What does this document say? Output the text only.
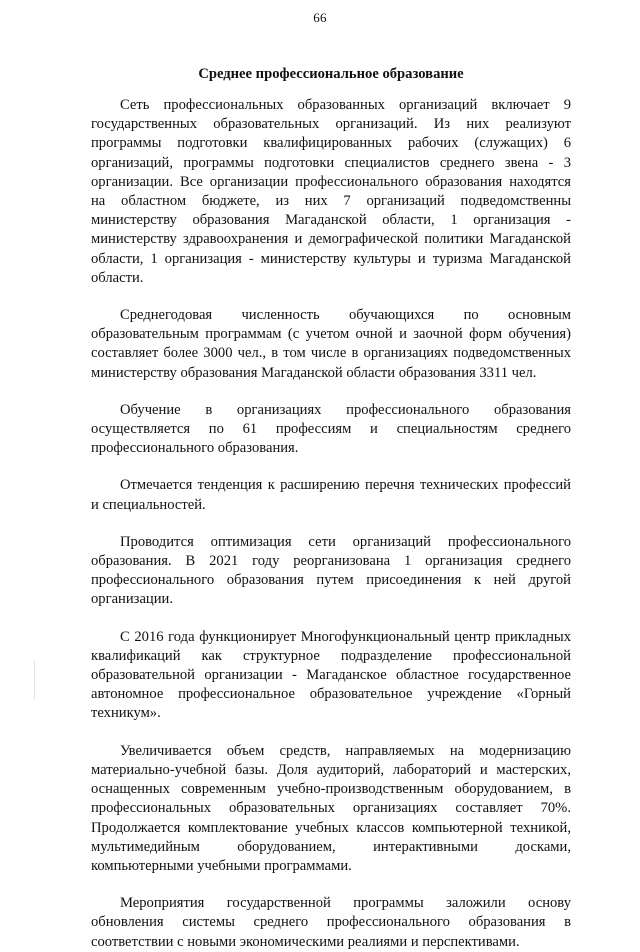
66
Среднее профессиональное образование

Сеть профессиональных образованных организаций включает 9 государственных образовательных организаций. Из них реализуют программы подготовки квалифицированных рабочих (служащих) 6 организаций, программы подготовки специалистов среднего звена - 3 организации. Все организации профессионального образования находятся на областном бюджете, из них 7 организаций подведомственны министерству образования Магаданской области, 1 организация - министерству здравоохранения и демографической политики Магаданской области, 1 организация - министерству культуры и туризма Магаданской области.

Среднегодовая численность обучающихся по основным образовательным программам (с учетом очной и заочной форм обучения) составляет более 3000 чел., в том числе в организациях подведомственных министерству образования Магаданской области образования 3311 чел.

Обучение в организациях профессионального образования осуществляется по 61 профессиям и специальностям среднего профессионального образования.

Отмечается тенденция к расширению перечня технических профессий и специальностей.

Проводится оптимизация сети организаций профессионального образования. В 2021 году реорганизована 1 организация среднего профессионального образования путем присоединения к ней другой организации.

С 2016 года функционирует Многофункциональный центр прикладных квалификаций как структурное подразделение профессиональной образовательной организации - Магаданское областное государственное автономное профессиональное образовательное учреждение «Горный техникум».

Увеличивается объем средств, направляемых на модернизацию материально-учебной базы. Доля аудиторий, лабораторий и мастерских, оснащенных современным учебно-производственным оборудованием, в профессиональных образовательных организациях составляет 70%. Продолжается комплектование учебных классов компьютерной техникой, мультимедийным оборудованием, интерактивными досками, компьютерными учебными программами.

Мероприятия государственной программы заложили основу обновления системы среднего профессионального образования в соответствии с новыми экономическими реалиями и перспективами.
